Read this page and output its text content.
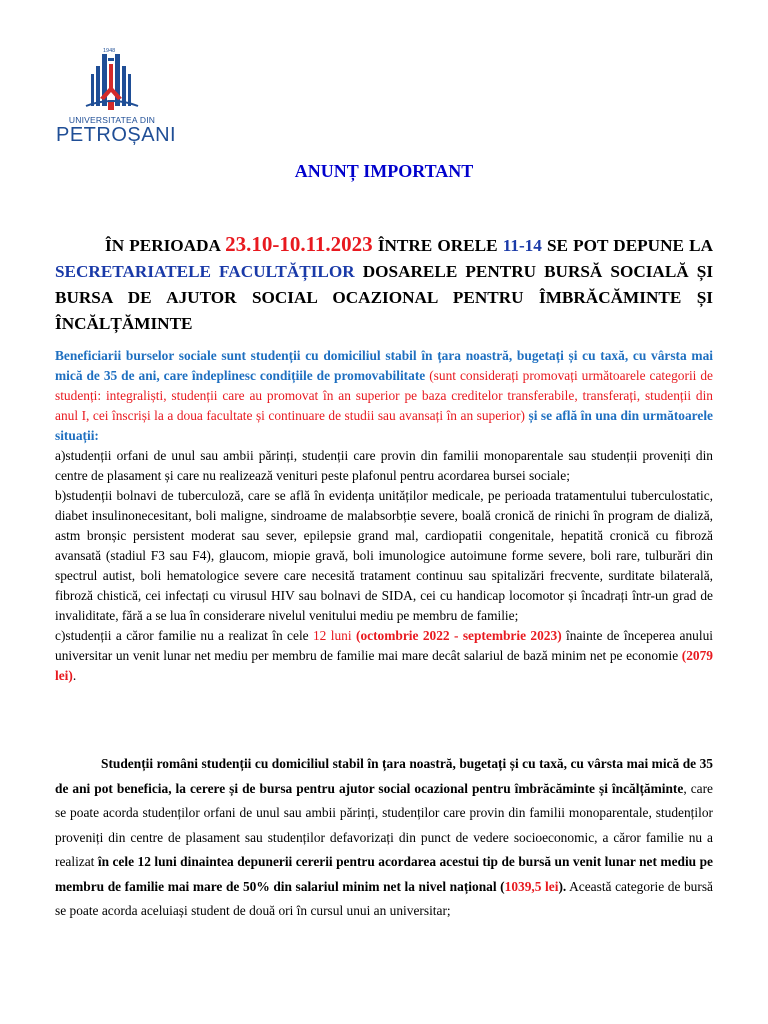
1948
UNIVERSITATEA DIN
PETROȘANI
ANUNȚ IMPORTANT
ÎN PERIOADA 23.10-10.11.2023 ÎNTRE ORELE 11-14 SE POT DEPUNE LA SECRETARIATELE FACULTĂȚILOR DOSARELE PENTRU BURSĂ SOCIALĂ ȘI BURSA DE AJUTOR SOCIAL OCAZIONAL PENTRU ÎMBRĂCĂMINTE ȘI ÎNCĂLȚĂMINTE

Beneficiarii burselor sociale sunt studenții cu domiciliul stabil în țara noastră, bugetați și cu taxă, cu vârsta mai mică de 35 de ani, care îndeplinesc condițiile de promovabilitate (sunt considerați promovați următoarele categorii de studenți: integraliști, studenții care au promovat în an superior pe baza creditelor transferabile, transferați, studenții din anul I, cei înscriși la a doua facultate și continuare de studii sau avansați în an superior) și se află în una din următoarele situații:

a)studenții orfani de unul sau ambii părinți, studenții care provin din familii monoparentale sau studenții proveniți din centre de plasament și care nu realizează venituri peste plafonul pentru acordarea bursei sociale;

b)studenții bolnavi de tuberculoză, care se află în evidența unităților medicale, pe perioada tratamentului tuberculostatic, diabet insulinonecesitant, boli maligne, sindroame de malabsorbție severe, boală cronică de rinichi în program de dializă, astm bronșic persistent moderat sau sever, epilepsie grand mal, cardiopatii congenitale, hepatită cronică cu fibroză avansată (stadiul F3 sau F4), glaucom, miopie gravă, boli imunologice autoimune forme severe, boli rare, tulburări din spectrul autist, boli hematologice severe care necesită tratament continuu sau spitalizări frecvente, surditate bilaterală, fibroză chistică, cei infectați cu virusul HIV sau bolnavi de SIDA, cei cu handicap locomotor și încadrați într-un grad de invaliditate, fără a se lua în considerare nivelul venitului mediu pe membru de familie;

c)studenții a căror familie nu a realizat în cele 12 luni (octombrie 2022 - septembrie 2023) înainte de începerea anului universitar un venit lunar net mediu per membru de familie mai mare decât salariul de bază minim net pe economie (2079 lei).

Studenții români studenții cu domiciliul stabil în țara noastră, bugetați și cu taxă, cu vârsta mai mică de 35 de ani pot beneficia, la cerere și de bursa pentru ajutor social ocazional pentru îmbrăcăminte și încălțăminte, care se poate acorda studenților orfani de unul sau ambii părinți, studenților care provin din familii monoparentale, studenților proveniți din centre de plasament sau studenților defavorizați din punct de vedere socioeconomic, a căror familie nu a realizat în cele 12 luni dinaintea depunerii cererii pentru acordarea acestui tip de bursă un venit lunar net mediu pe membru de familie mai mare de 50% din salariul minim net la nivel național (1039,5 lei). Această categorie de bursă se poate acorda aceluiași student de două ori în cursul unui an universitar;
